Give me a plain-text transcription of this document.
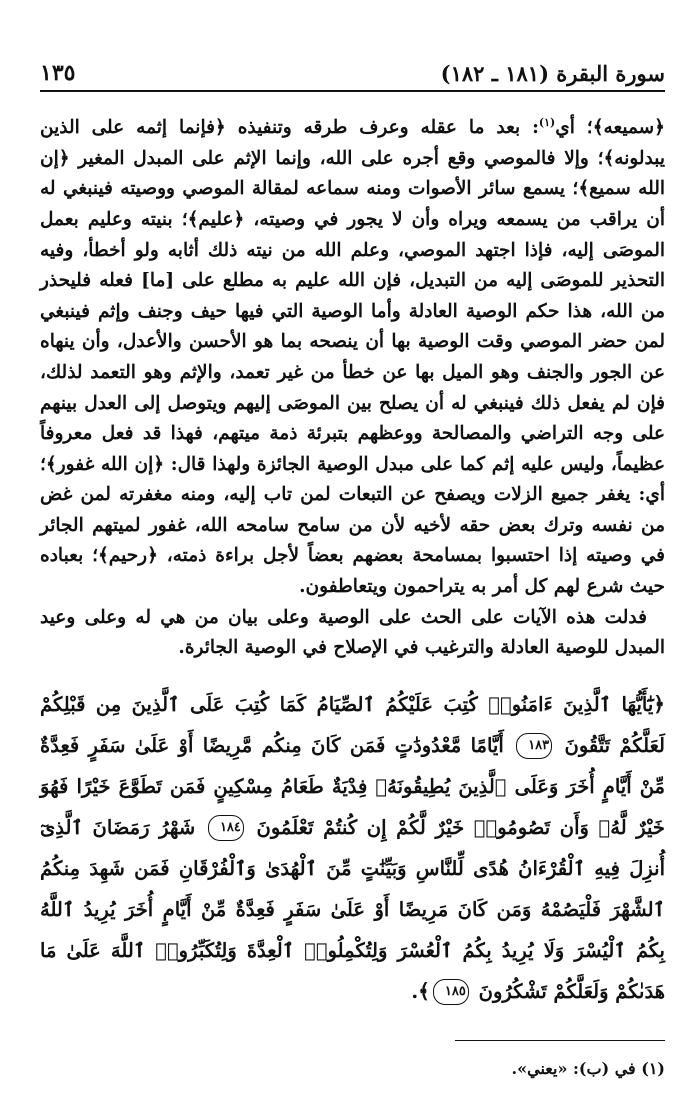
سورة البقرة (١٨١ ـ ١٨٢)
١٣٥

﴿سميعه﴾؛ أي$^{(١)}$: بعد ما عقله وعرف طرقه وتنفيذه ﴿فإنما إثمه على الذين يبدلونه﴾؛ وإلا فالموصي وقع أجره على الله، وإنما الإثم على المبدل المغير ﴿إن الله سميع﴾؛ يسمع سائر الأصوات ومنه سماعه لمقالة الموصي ووصيته فينبغي له أن يراقب من يسمعه ويراه وأن لا يجور في وصيته، ﴿عليم﴾؛ بنيته وعليم بعمل الموصَى إليه، فإذا اجتهد الموصي، وعلم الله من نيته ذلك أثابه ولو أخطأ، وفيه التحذير للموصَى إليه من التبديل، فإن الله عليم به مطلع على [ما] فعله فليحذر من الله، هذا حكم الوصية العادلة وأما الوصية التي فيها حيف وجنف وإثم فينبغي لمن حضر الموصي وقت الوصية بها أن ينصحه بما هو الأحسن والأعدل، وأن ينهاه عن الجور والجنف وهو الميل بها عن خطأ من غير تعمد، والإثم وهو التعمد لذلك، فإن لم يفعل ذلك فينبغي له أن يصلح بين الموصَى إليهم ويتوصل إلى العدل بينهم على وجه التراضي والمصالحة ووعظهم بتبرئة ذمة ميتهم، فهذا قد فعل معروفاً عظيماً، وليس عليه إثم كما على مبدل الوصية الجائزة ولهذا قال: ﴿إن الله غفور﴾؛ أي: يغفر جميع الزلات ويصفح عن التبعات لمن تاب إليه، ومنه مغفرته لمن غض من نفسه وترك بعض حقه لأخيه لأن من سامح سامحه الله، غفور لميتهم الجائر في وصيته إذا احتسبوا بمسامحة بعضهم بعضاً لأجل براءة ذمته، ﴿رحيم﴾؛ بعباده حيث شرع لهم كل أمر به يتراحمون ويتعاطفون.

فدلت هذه الآيات على الحث على الوصية وعلى بيان من هي له وعلى وعيد المبدل للوصية العادلة والترغيب في الإصلاح في الوصية الجائرة.

﴿يَٰٓأَيُّهَا ٱلَّذِينَ ءَامَنُوا۟ كُتِبَ عَلَيْكُمُ ٱلصِّيَامُ كَمَا كُتِبَ عَلَى ٱلَّذِينَ مِن قَبْلِكُمْ لَعَلَّكُمْ تَتَّقُونَ ١٨٣ أَيَّامًا مَّعْدُودَٰتٍ فَمَن كَانَ مِنكُم مَّرِيضًا أَوْ عَلَىٰ سَفَرٍ فَعِدَّةٌ مِّنْ أَيَّامٍ أُخَرَ وَعَلَى ٱلَّذِينَ يُطِيقُونَهُۥ فِدْيَةٌ طَعَامُ مِسْكِينٍ فَمَن تَطَوَّعَ خَيْرًا فَهُوَ خَيْرٌ لَّهُۥ وَأَن تَصُومُوا۟ خَيْرٌ لَّكُمْ إِن كُنتُمْ تَعْلَمُونَ ١٨٤ شَهْرُ رَمَضَانَ ٱلَّذِىٓ أُنزِلَ فِيهِ ٱلْقُرْءَانُ هُدًى لِّلنَّاسِ وَبَيِّنَٰتٍ مِّنَ ٱلْهُدَىٰ وَٱلْفُرْقَانِ فَمَن شَهِدَ مِنكُمُ ٱلشَّهْرَ فَلْيَصُمْهُ وَمَن كَانَ مَرِيضًا أَوْ عَلَىٰ سَفَرٍ فَعِدَّةٌ مِّنْ أَيَّامٍ أُخَرَ يُرِيدُ ٱللَّهُ بِكُمُ ٱلْيُسْرَ وَلَا يُرِيدُ بِكُمُ ٱلْعُسْرَ وَلِتُكْمِلُوا۟ ٱلْعِدَّةَ وَلِتُكَبِّرُوا۟ ٱللَّهَ عَلَىٰ مَا هَدَىٰكُمْ وَلَعَلَّكُمْ تَشْكُرُونَ ١٨٥﴾.
(١) في (ب): «يعني».
